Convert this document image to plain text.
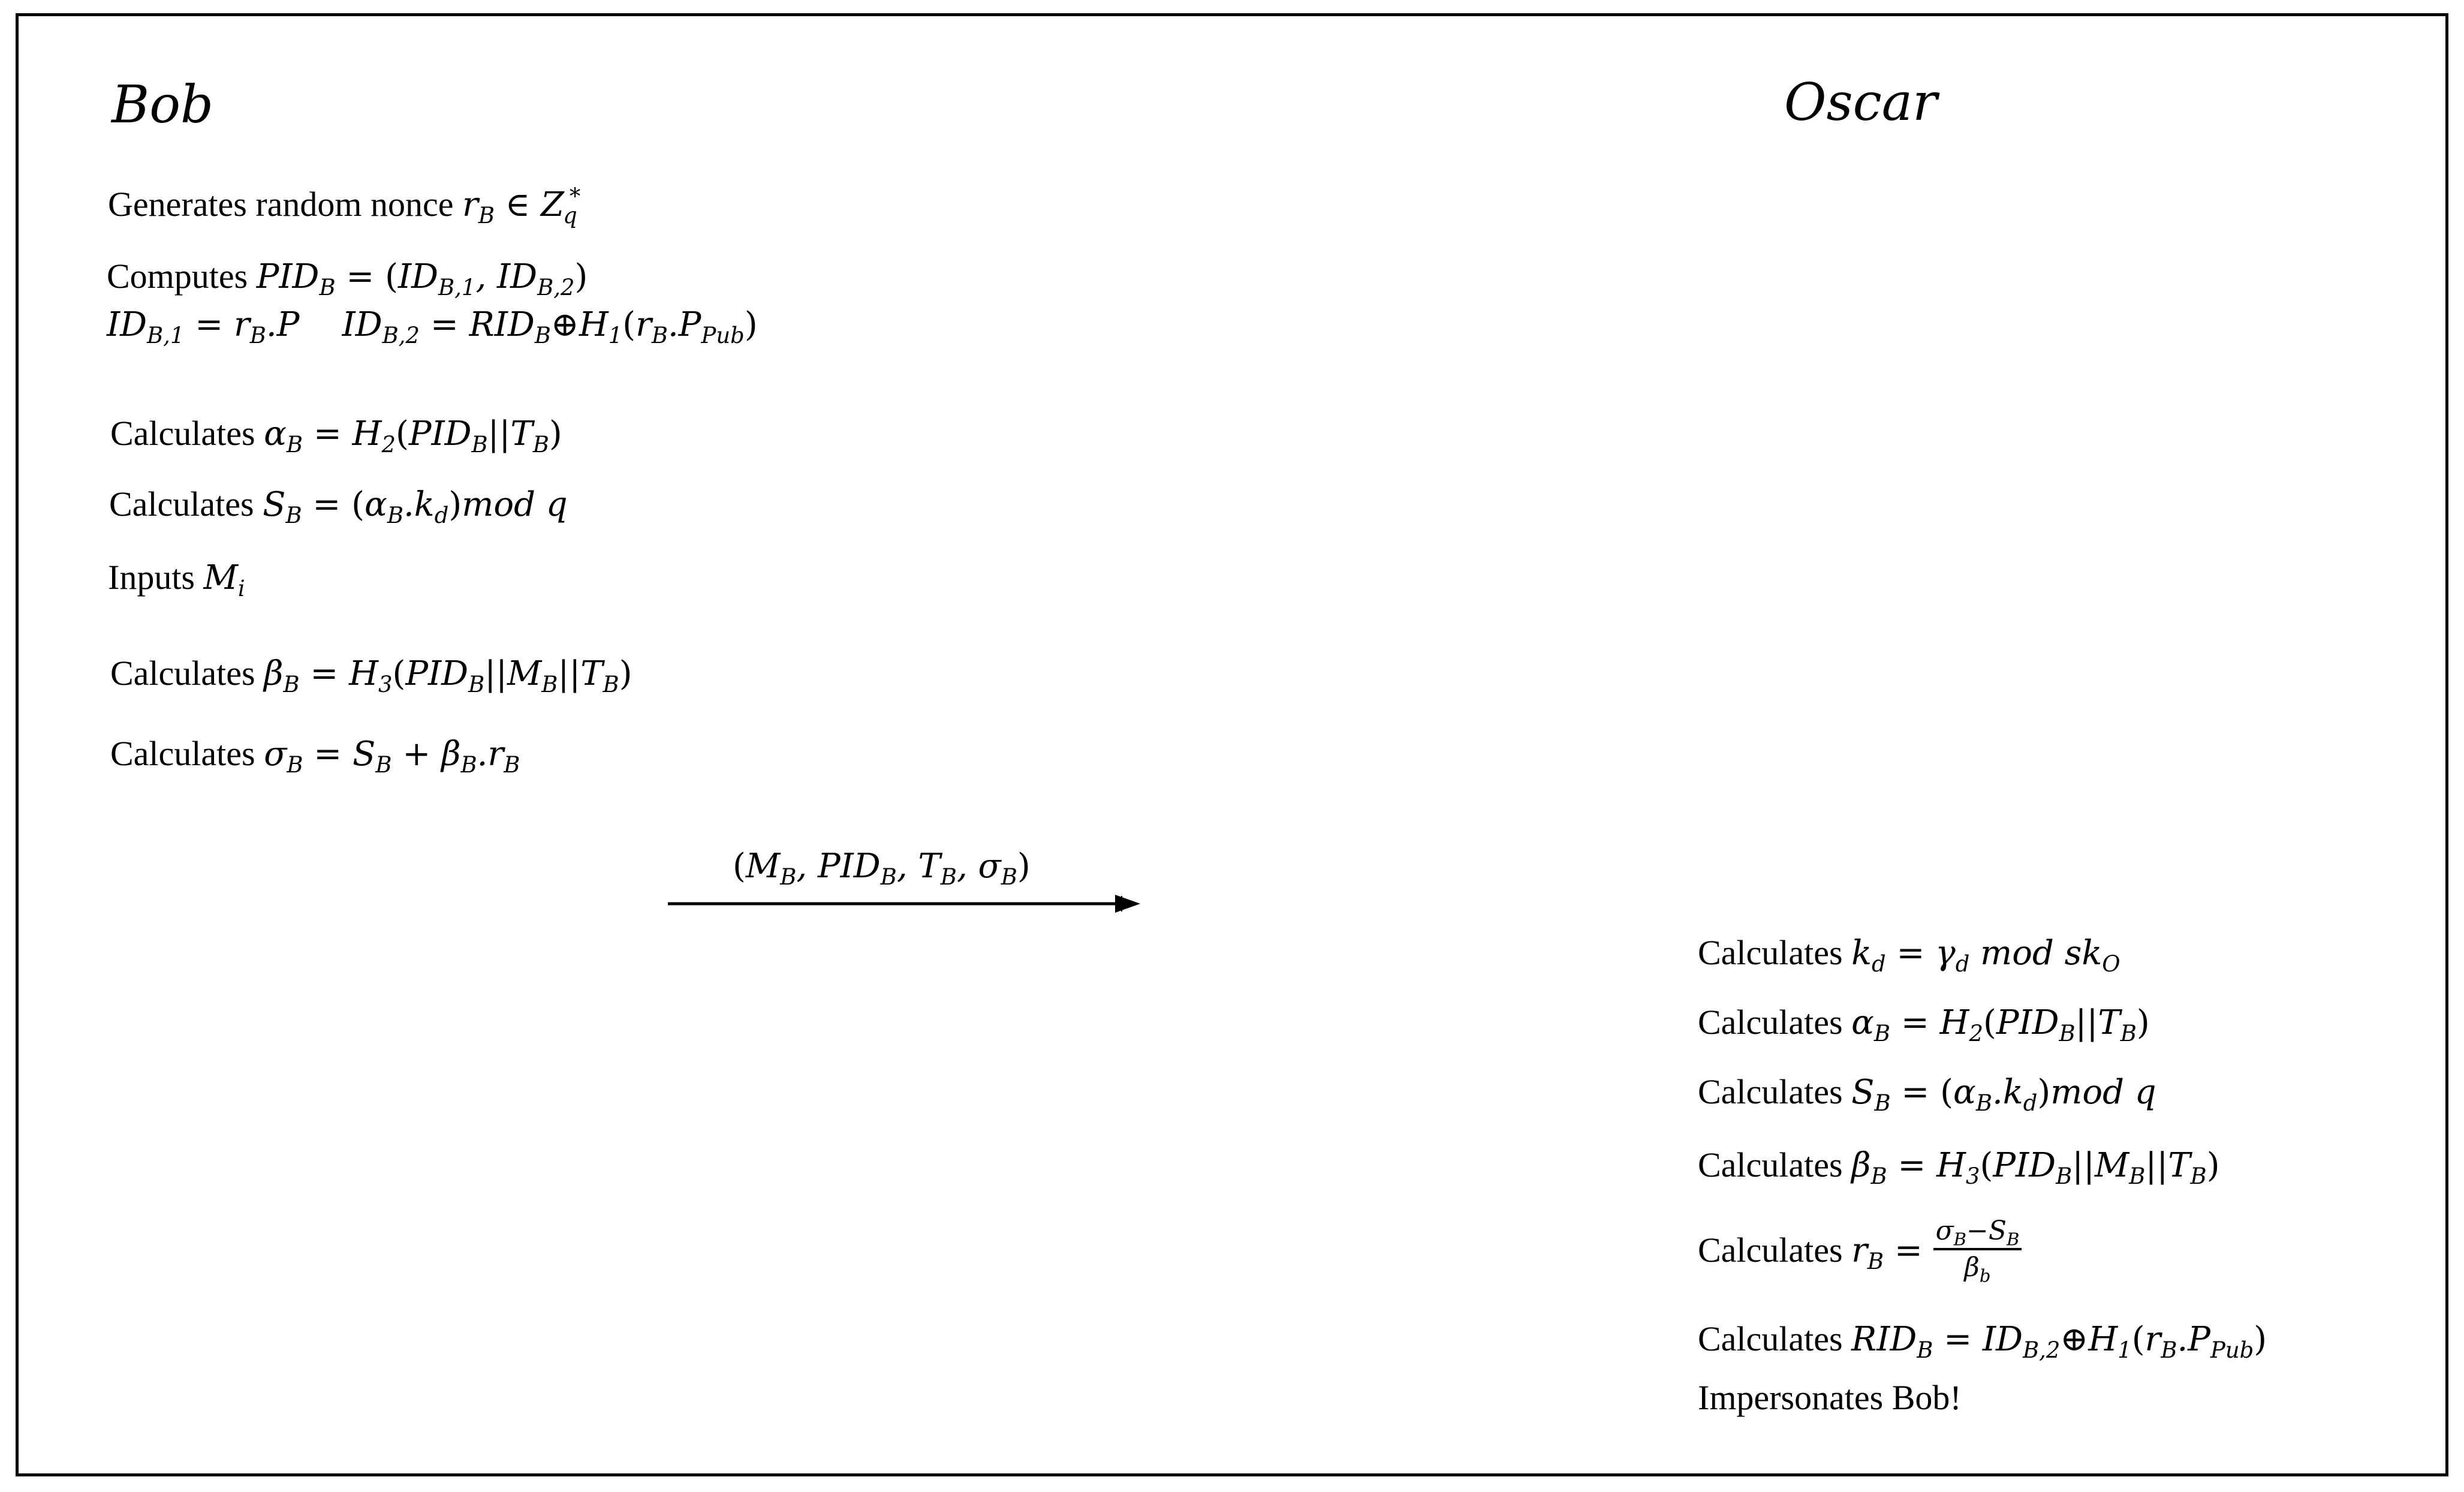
Bob	Oscar
Generates random nonce $r_B$ ∈ $Z_q^*$
Computes $PID_B = (ID_{B,1}$, $ID_{B,2}$)
$ID_{B,1} = r_B.P$    $ID_{B,2}$ = $RID_B\oplus H_1(r_B.P_{Pub})$
Calculates $\alpha_B = H_2(PID_B||T_B)$
Calculates $S_B = (\alpha_B.k_d)mod$ q
Inputs $M_i$
Calculates $\beta_B = H_3(PID_B||M_B||T_B)$
Calculates $\sigma_B = S_B + \beta_B.r_B$
($M_B$, $PID_B$, $T_B$, $\sigma_B$)
Calculates $k_d = \gamma_d$ mod $sk_O$
Calculates $\alpha_B = H_2(PID_B||T_B)$
Calculates $S_B = (\alpha_B.k_d)mod$ q
Calculates $\beta_B = H_3(PID_B||M_B||T_B)$
Calculates $r_B = \frac{\sigma_B-S_B}{\beta_b}$
Calculates $RID_B$ = $ID_{B,2}\oplus H_1(r_B.P_{Pub})$
Impersonates Bob!
